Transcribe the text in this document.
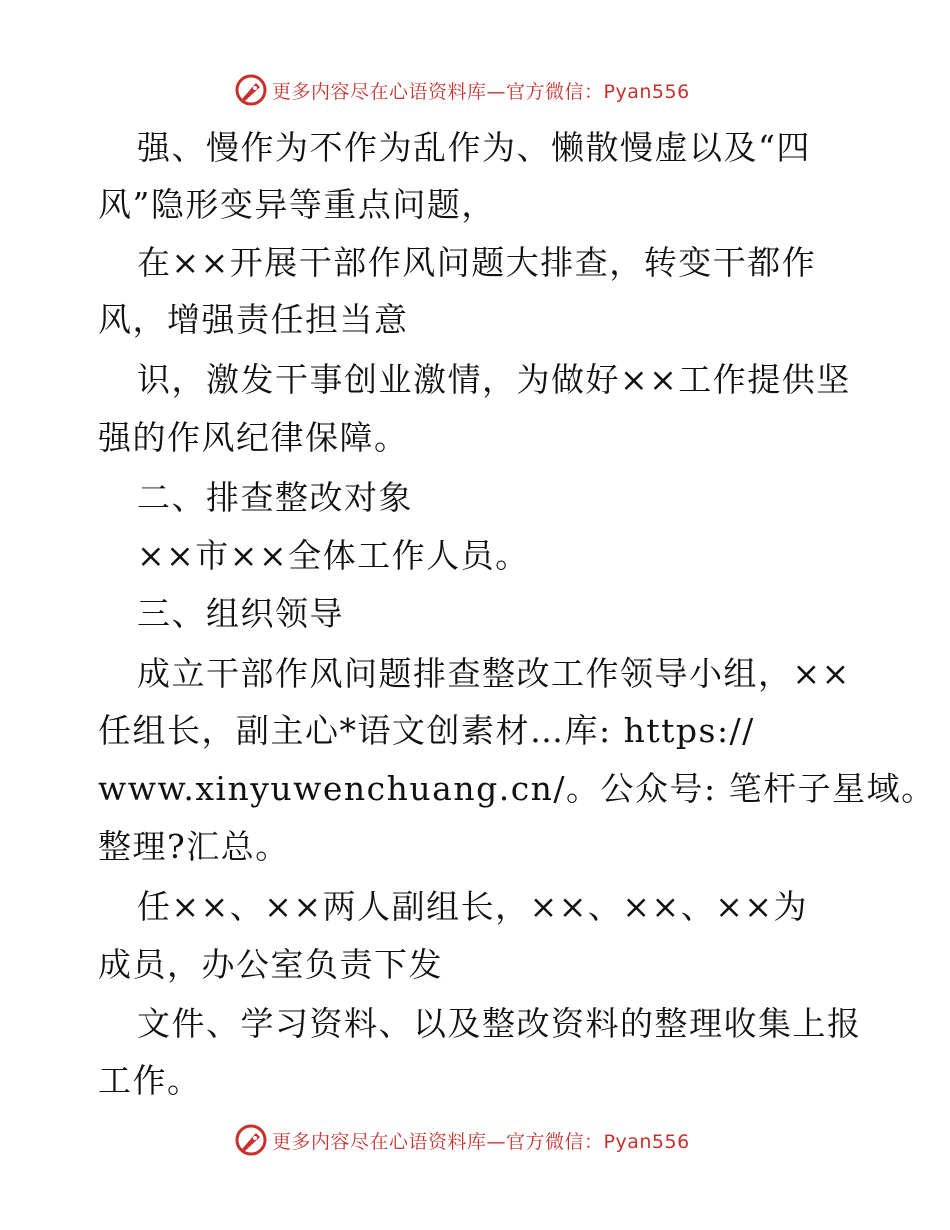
更多内容尽在心语资料库—官方微信：Pyan556
强、慢作为不作为乱作为、懒散慢虚以及“四
风”隐形变异等重点问题，
在××开展干部作风问题大排查，转变干都作
风，增强责任担当意
识，激发干事创业激情，为做好××工作提供坚
强的作风纪律保障。
二、排查整改对象
××市××全体工作人员。
三、组织领导
成立干部作风问题排查整改工作领导小组，××
任组长，副主心*语文创素材…库: https://
www.xinyuwenchuang.cn/。公众号: 笔杆子星域。
整理?汇总。
任××、××两人副组长，××、××、××为
成员，办公室负责下发
文件、学习资料、以及整改资料的整理收集上报
工作。
更多内容尽在心语资料库—官方微信：Pyan556
